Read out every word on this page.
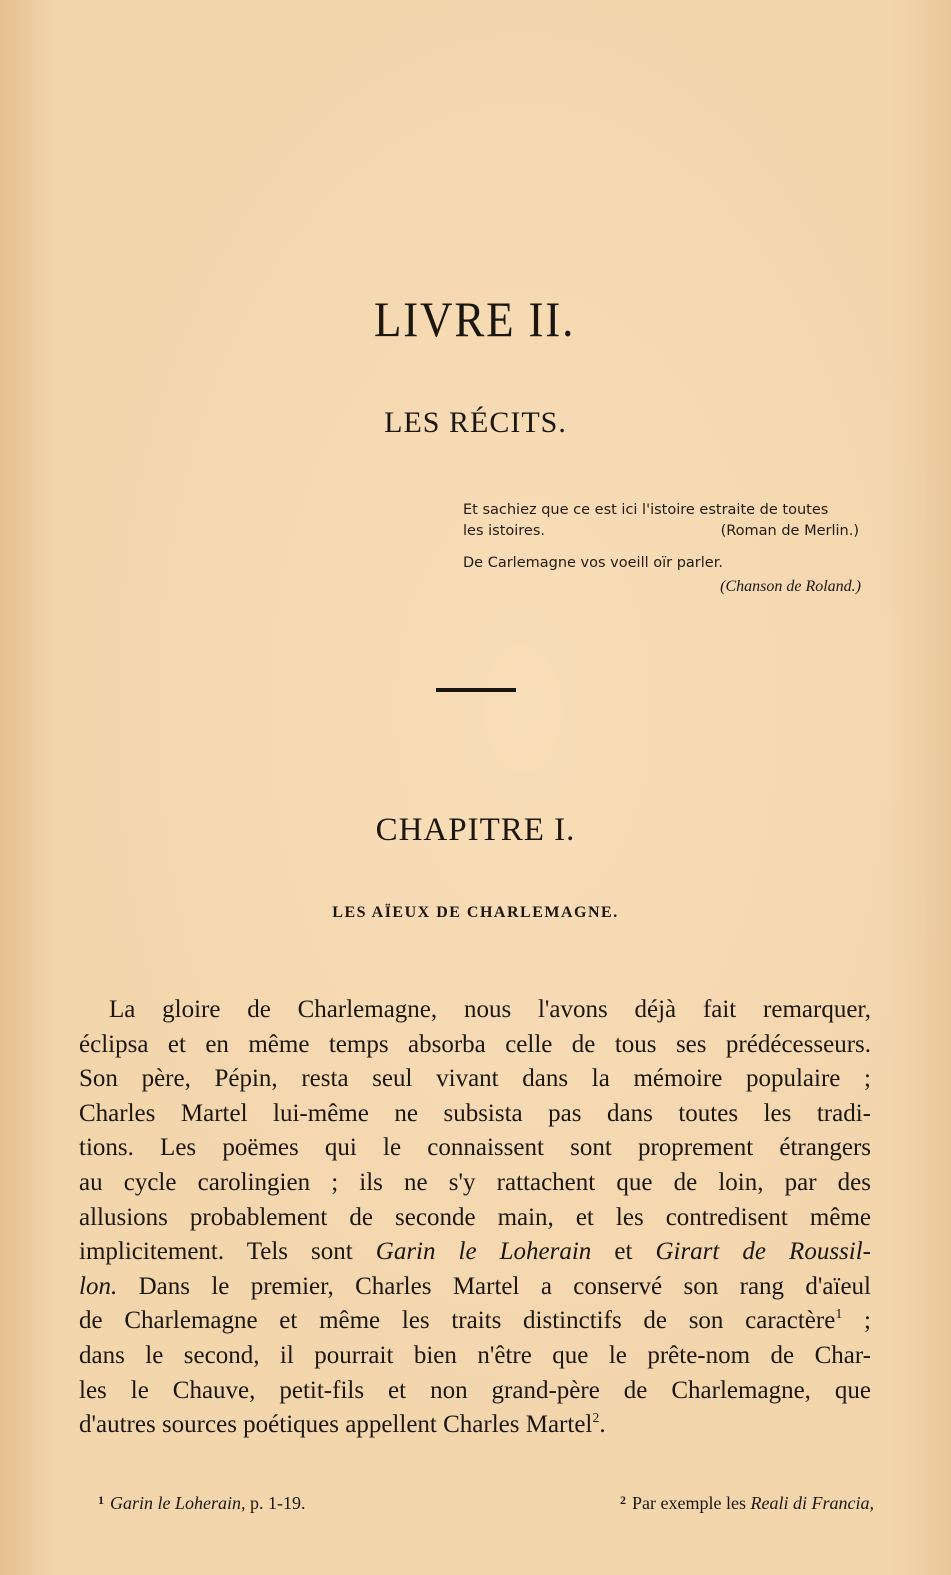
LIVRE II.
LES RÉCITS.
Et sachiez que ce est ici l'istoire estraite de toutes
les istoires.	(Roman de Merlin.)
De Carlemagne vos voeill oïr parler.
(Chanson de Roland.)
CHAPITRE I.
LES AÏEUX DE CHARLEMAGNE.
La gloire de Charlemagne, nous l'avons déjà fait remarquer,
éclipsa et en même temps absorba celle de tous ses prédécesseurs.
Son père, Pépin, resta seul vivant dans la mémoire populaire ;
Charles Martel lui-même ne subsista pas dans toutes les tradi-
tions. Les poëmes qui le connaissent sont proprement étrangers
au cycle carolingien ; ils ne s'y rattachent que de loin, par des
allusions probablement de seconde main, et les contredisent même
implicitement. Tels sont Garin le Loherain et Girart de Roussil-
lon. Dans le premier, Charles Martel a conservé son rang d'aïeul
de Charlemagne et même les traits distinctifs de son caractère$^1$ ;
dans le second, il pourrait bien n'être que le prête-nom de Char-
les le Chauve, petit-fils et non grand-père de Charlemagne, que
d'autres sources poétiques appellent Charles Martel$^2$.
$^1$ Garin le Loherain, p. 1-19.	$^2$ Par exemple les Reali di Francia,
